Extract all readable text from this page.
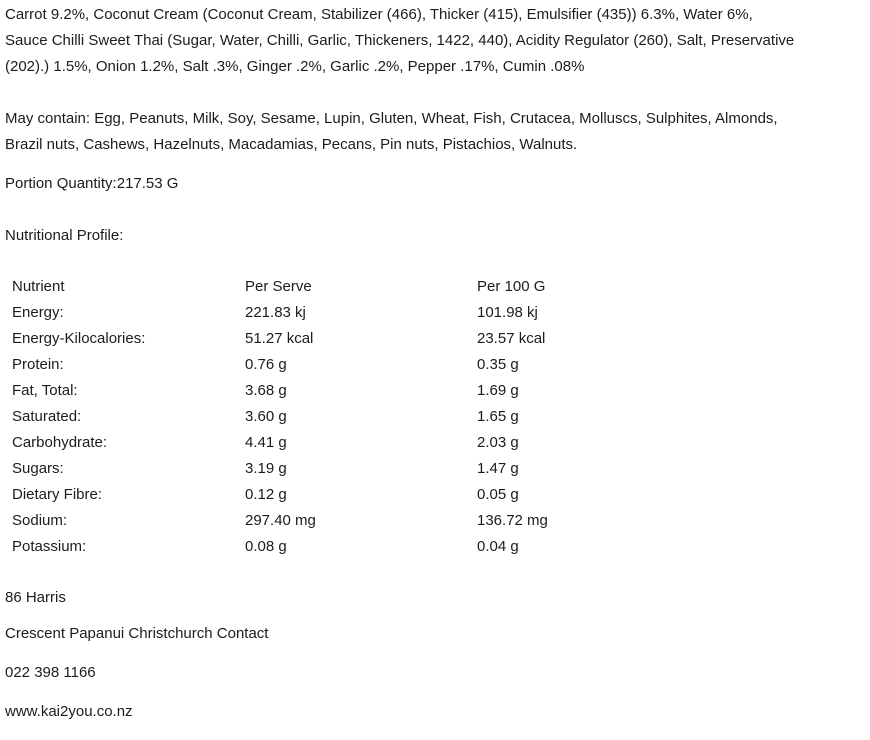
Carrot 9.2%, Coconut Cream (Coconut Cream, Stabilizer (466), Thicker (415), Emulsifier (435)) 6.3%, Water 6%,
Sauce Chilli Sweet Thai (Sugar, Water, Chilli, Garlic, Thickeners, 1422, 440), Acidity Regulator (260), Salt, Preservative
(202).) 1.5%, Onion 1.2%, Salt .3%, Ginger .2%, Garlic .2%, Pepper .17%, Cumin .08%
May contain: Egg, Peanuts, Milk, Soy, Sesame, Lupin, Gluten, Wheat, Fish, Crutacea, Molluscs, Sulphites, Almonds,
Brazil nuts, Cashews, Hazelnuts, Macadamias, Pecans, Pin nuts, Pistachios, Walnuts.
Portion Quantity:217.53 G
Nutritional Profile:
Nutrient	Per Serve	Per 100 G
Energy:	221.83 kj	101.98 kj
Energy-Kilocalories:	51.27 kcal	23.57 kcal
Protein:	0.76 g	0.35 g
Fat, Total:	3.68 g	1.69 g
Saturated:	3.60 g	1.65 g
Carbohydrate:	4.41 g	2.03 g
Sugars:	3.19 g	1.47 g
Dietary Fibre:	0.12 g	0.05 g
Sodium:	297.40 mg	136.72 mg
Potassium:	0.08 g	0.04 g
86 Harris
Crescent Papanui Christchurch Contact
022 398 1166
www.kai2you.co.nz
